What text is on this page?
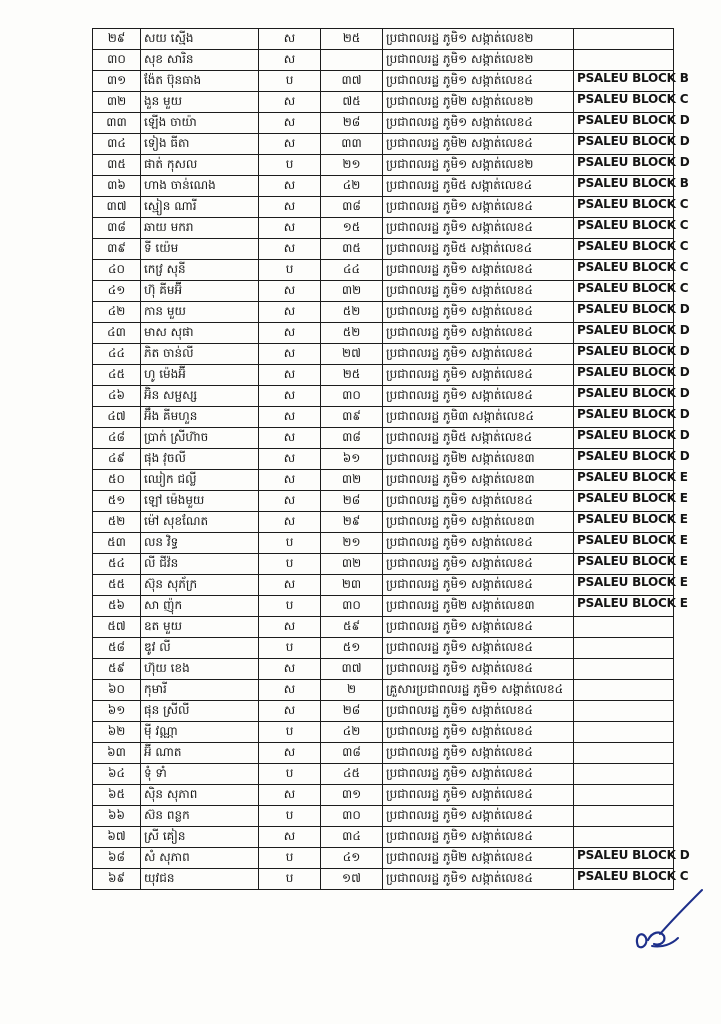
២៩	សយ ស្មើង	ស	២៥	ប្រជាពលរដ្ឋ ភូមិ១ សង្កាត់លេខ២	
៣០	សុខ សារិន	ស		ប្រជាពលរដ្ឋ ភូមិ១ សង្កាត់លេខ២	
៣១	ង៉ែត ប៊ុនធាង	ប	៣៧	ប្រជាពលរដ្ឋ ភូមិ១ សង្កាត់លេខ៤	PSALEU BLOCK B
៣២	ងួន មួយ	ស	៧៥	ប្រជាពលរដ្ឋ ភូមិ២ សង្កាត់លេខ២	PSALEU BLOCK C
៣៣	ឡើង ចាយ៉ា	ស	២៨	ប្រជាពលរដ្ឋ ភូមិ១ សង្កាត់លេខ៤	PSALEU BLOCK D
៣៤	ទៀង ធីតា	ស	៣៣	ប្រជាពលរដ្ឋ ភូមិ២ សង្កាត់លេខ៤	PSALEU BLOCK D
៣៥	ផាត់ កុសល	ប	២១	ប្រជាពលរដ្ឋ ភូមិ១ សង្កាត់លេខ២	PSALEU BLOCK D
៣៦	ហាង ចាន់ណេង	ស	៤២	ប្រជាពលរដ្ឋ ភូមិ៥ សង្កាត់លេខ៤	PSALEU BLOCK B
៣៧	ស្មៀន ណារី	ស	៣៨	ប្រជាពលរដ្ឋ ភូមិ១ សង្កាត់លេខ៤	PSALEU BLOCK C
៣៨	ឆាយ មករា	ស	១៥	ប្រជាពលរដ្ឋ ភូមិ១ សង្កាត់លេខ៤	PSALEU BLOCK C
៣៩	ទី យ៉េម	ស	៣៥	ប្រជាពលរដ្ឋ ភូមិ៥ សង្កាត់លេខ៤	PSALEU BLOCK C
៤០	កេវ្រ សុនី	ប	៤៤	ប្រជាពលរដ្ឋ ភូមិ១ សង្កាត់លេខ៤	PSALEU BLOCK C
៤១	ហ៊ុ គីមអ៊ី	ស	៣២	ប្រជាពលរដ្ឋ ភូមិ១ សង្កាត់លេខ៤	PSALEU BLOCK C
៤២	កាន មួយ	ស	៥២	ប្រជាពលរដ្ឋ ភូមិ១ សង្កាត់លេខ៤	PSALEU BLOCK D
៤៣	មាស សុផា	ស	៥២	ប្រជាពលរដ្ឋ ភូមិ១ សង្កាត់លេខ៤	PSALEU BLOCK D
៤៤	ភិត ចាន់លី	ស	២៧	ប្រជាពលរដ្ឋ ភូមិ១ សង្កាត់លេខ៤	PSALEU BLOCK D
៤៥	ហូ ម៉េងអ៊ី	ស	២៥	ប្រជាពលរដ្ឋ ភូមិ១ សង្កាត់លេខ៤	PSALEU BLOCK D
៤៦	អ៊ិន សម្ផស្ស	ស	៣០	ប្រជាពលរដ្ឋ ភូមិ១ សង្កាត់លេខ៤	PSALEU BLOCK D
៤៧	អ៊ឹង គីមហួន	ស	៣៩	ប្រជាពលរដ្ឋ ភូមិ៣ សង្កាត់លេខ៤	PSALEU BLOCK D
៤៨	ប្រាក់ ស្រីហ៊ាច	ស	៣៨	ប្រជាពលរដ្ឋ ភូមិ៥ សង្កាត់លេខ៤	PSALEU BLOCK D
៤៩	ផុង វុចលី	ស	៦១	ប្រជាពលរដ្ឋ ភូមិ២ សង្កាត់លេខ៣	PSALEU BLOCK D
៥០	ឈៀក ជល្លី	ស	៣២	ប្រជាពលរដ្ឋ ភូមិ១ សង្កាត់លេខ៣	PSALEU BLOCK E
៥១	ឡៅ ម៉េងមួយ	ស	២៨	ប្រជាពលរដ្ឋ ភូមិ១ សង្កាត់លេខ៤	PSALEU BLOCK E
៥២	ម៉ៅ សុខណែត	ស	២៩	ប្រជាពលរដ្ឋ ភូមិ១ សង្កាត់លេខ៣	PSALEU BLOCK E
៥៣	លន វិទ្ធ	ប	២១	ប្រជាពលរដ្ឋ ភូមិ១ សង្កាត់លេខ៤	PSALEU BLOCK E
៥៤	លី ជីវ៉ន	ប	៣២	ប្រជាពលរដ្ឋ ភូមិ១ សង្កាត់លេខ៤	PSALEU BLOCK E
៥៥	ស៊ុន សុភ័ក្រ	ស	២៣	ប្រជាពលរដ្ឋ ភូមិ១ សង្កាត់លេខ៤	PSALEU BLOCK E
៥៦	សា ញ៉ុក	ប	៣០	ប្រជាពលរដ្ឋ ភូមិ២ សង្កាត់លេខ៣	PSALEU BLOCK E
៥៧	ឧត មួយ	ស	៥៩	ប្រជាពលរដ្ឋ ភូមិ១ សង្កាត់លេខ៤	
៥៨	ឌូវ លី	ប	៥១	ប្រជាពលរដ្ឋ ភូមិ១ សង្កាត់លេខ៤	
៥៩	ហ៊ុយ ខេង	ស	៣៧	ប្រជាពលរដ្ឋ ភូមិ១ សង្កាត់លេខ៤	
៦០	កុមារី	ស	២	គ្រួសារប្រជាពលរដ្ឋ ភូមិ១ សង្កាត់លេខ៤	
៦១	ផុន ស្រីលី	ស	២៨	ប្រជាពលរដ្ឋ ភូមិ១ សង្កាត់លេខ៤	
៦២	ម៉ី វណ្ណា	ប	៤២	ប្រជាពលរដ្ឋ ភូមិ១ សង្កាត់លេខ៤	
៦៣	អ៊ី ណាត	ស	៣៨	ប្រជាពលរដ្ឋ ភូមិ១ សង្កាត់លេខ៤	
៦៤	ទុំ ទាំ	ប	៤៥	ប្រជាពលរដ្ឋ ភូមិ១ សង្កាត់លេខ៤	
៦៥	ស៊ិន សុភាព	ស	៣១	ប្រជាពលរដ្ឋ ភូមិ១ សង្កាត់លេខ៤	
៦៦	ស៊ន ពន្លក	ប	៣០	ប្រជាពលរដ្ឋ ភូមិ១ សង្កាត់លេខ៤	
៦៧	ស្រី គៀន	ស	៣៤	ប្រជាពលរដ្ឋ ភូមិ១ សង្កាត់លេខ៤	
៦៨	សំ សុភាព	ប	៤១	ប្រជាពលរដ្ឋ ភូមិ២ សង្កាត់លេខ៤	PSALEU BLOCK D
៦៩	យុវជន	ប	១៧	ប្រជាពលរដ្ឋ ភូមិ១ សង្កាត់លេខ៤	PSALEU BLOCK C
